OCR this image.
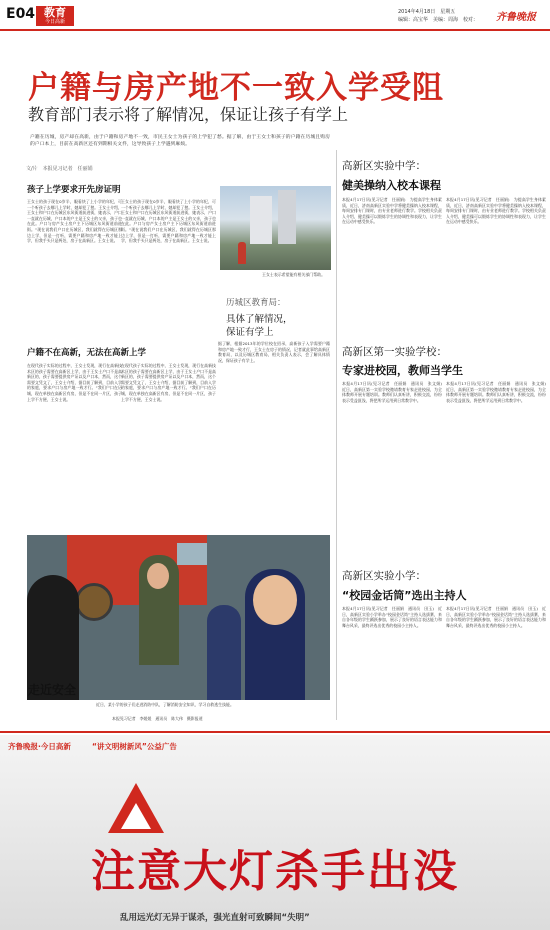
E04 教育
今日高新
2014年4月18日　星期五
编辑：高宝华　美编：周海　校对： 齐鲁晚报
户籍与房产地不一致入学受阻
教育部门表示将了解情况，保证让孩子有学上
户籍在历城，房产却在高新，由于户籍和房产地不一致，市民王女士为孩子的上学犯了愁。据了解，由于王女士和孩子的户籍在历城且购房的户口本上，目前在高新区还有到期相关文件，这导致孩子上学遇到麻烦。
文/片　本报见习记者　任丽娟
孩子上学要求开先房证明
王女士的孩子现在0岁半，眼看快了上小学的年纪，可一个听孩子去哪儿上学时，她却犯了愁。王女士介绍，王女士和户口在历城区东风街道前进街，她表示，户口一直就在历城，户口本的户主是王女士的父亲，孩子也在此。户口与房产女士房户主下历城区东风街道前进街。“现在说我们户口在历城区，我们就得在历城区那边上学，但是一打听，需要户籍和房产地一致才能上学，但我手头只是两处，房子在高新区。王女士说。
王女士的孩子现在0岁半，眼看快了上小学的年纪，可一个听孩子去哪儿上学时，她却犯了愁。王女士介绍，王女士和户口在历城区东风街道前进街，她表示，户口一直就在历城，户口本的户主是王女士的父亲，孩子也在此。户口与房产女士房户主下历城区东风街道前进街。“现在说我们户口在历城区，我们就得在历城区那边上学，但是一打听，需要户籍和房产地一致才能上学，但我手头只是两处，房子在高新区。王女士说。
户籍不在高新，无法在高新上学
在现代孩子实际的过程中，王女士发现，现行在高新技术区的孩子需要在高新区上学，由于王女士户口不是高新区的，孩子需要提供房产证以及户口本，然而，这个需要文凭文了，王女士介绍，据目前了解到，目前入学的家庭，要求户口与房产地一致才行。“我们户口在历城，现在单独在高新区有房，但是不在同一片区，孩子上学不方便，王女士说。
在现代孩子实际的过程中，王女士发现，现行在高新技术区的孩子需要在高新区上学，由于王女士户口不是高新区的，孩子需要提供房产证以及户口本，然而，这个需要文凭文了，王女士介绍，据目前了解到，目前入学的家庭，要求户口与房产地一致才行。“我们户口在历城，现在单独在高新区有房，但是不在同一片区，孩子上学不方便，王女士说。
王女士表示希望能有相关部门帮助。
历城区教育局：
具体了解情况，
保证有学上
据了解，根据2013年的学位校在招录，高新孩子入学需要户籍和房产地一致才行，王女士在房子的情况，记者就此事给高新区教育局，以及历城区教育局，相关负责人表示，会了解具体情况，保证孩子有学上。
高新区实验中学：
健美操纳入校本课程
本报4月17日讯(见习记者　任丽娟)　为提高学生身体素质，近日，济南高新区实验中学将健美操纳入校本课程，每周安排专门课时，由专业老师进行教学。学校相关负责人介绍，健美操可以锻炼学生的协调性和表现力，让学生在运动中感受快乐。
本报4月17日讯(见习记者　任丽娟)　为提高学生身体素质，近日，济南高新区实验中学将健美操纳入校本课程，每周安排专门课时，由专业老师进行教学。学校相关负责人介绍，健美操可以锻炼学生的协调性和表现力，让学生在运动中感受快乐。
高新区第一实验学校：
专家进校园，教师当学生
本报4月17日讯(见习记者　任丽娟　通讯员　张文娟)　近日，高新区第一实验学校邀请教育专家走进校园，为全体教师开展专题培训。教师们认真听讲，积极交流，纷纷表示受益匪浅，将把所学运用到日常教学中。
本报4月17日讯(见习记者　任丽娟　通讯员　张文娟)　近日，高新区第一实验学校邀请教育专家走进校园，为全体教师开展专题培训。教师们认真听讲，积极交流，纷纷表示受益匪浅，将把所学运用到日常教学中。
高新区实验小学：
“校园金话筒”选出主持人
本报4月17日讯(见习记者　任丽娟　通讯员　田玉)　近日，高新区实验小学举办“校园金话筒”主持人选拔赛，来自各年级的学生踊跃参加，展示了良好的语言表达能力和舞台风采，最终评选出优秀的校园小主持人。
本报4月17日讯(见习记者　任丽娟　通讯员　田玉)　近日，高新区实验小学举办“校园金话筒”主持人选拔赛，来自各年级的学生踊跃参加，展示了良好的语言表达能力和舞台风采，最终评选出优秀的校园小主持人。
走近安全
近日，某小学的孩子们走进消防中队，了解消防安全知识，学习自救逃生技能。
本报见习记者　李媛媛　通讯员　陈大伟　摄影报道
齐鲁晚报·今日高新	“讲文明树新风”公益广告
注意大灯杀手出没
乱用远光灯无异于谋杀，强光直射可致瞬间“失明”
